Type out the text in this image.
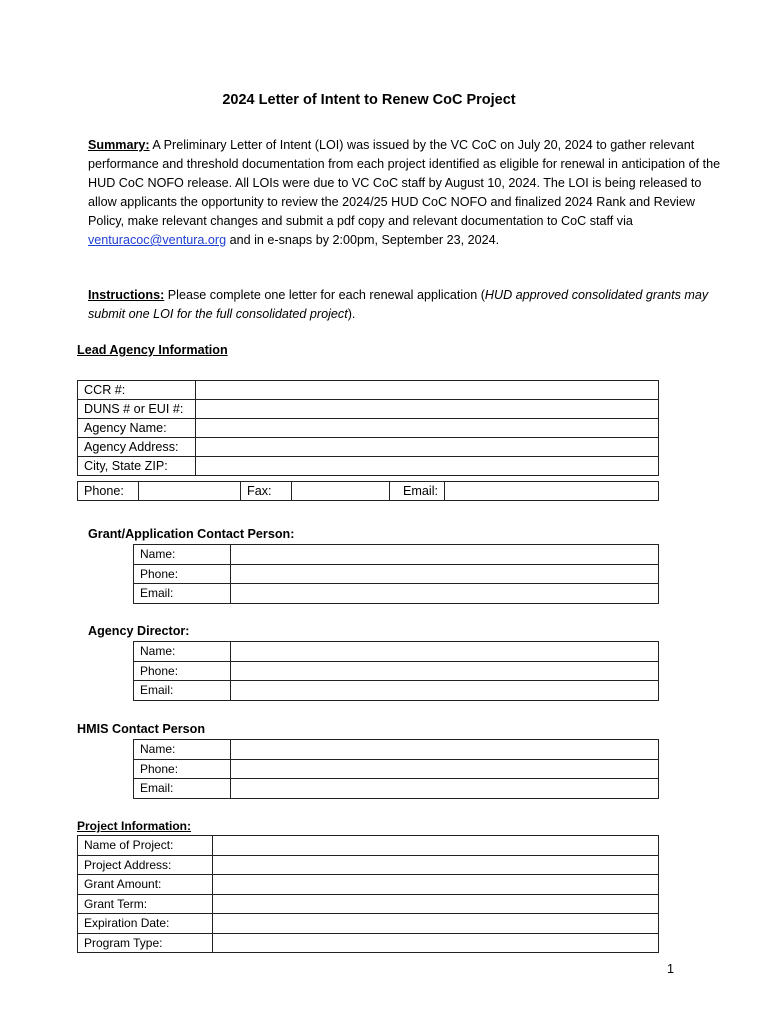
2024 Letter of Intent to Renew CoC Project
Summary: A Preliminary Letter of Intent (LOI) was issued by the VC CoC on July 20, 2024 to gather relevant performance and threshold documentation from each project identified as eligible for renewal in anticipation of the HUD CoC NOFO release. All LOIs were due to VC CoC staff by August 10, 2024. The LOI is being released to allow applicants the opportunity to review the 2024/25 HUD CoC NOFO and finalized 2024 Rank and Review Policy, make relevant changes and submit a pdf copy and relevant documentation to CoC staff via venturacoc@ventura.org and in e-snaps by 2:00pm, September 23, 2024.
Instructions: Please complete one letter for each renewal application (HUD approved consolidated grants may submit one LOI for the full consolidated project).
Lead Agency Information
CCR #:	
DUNS # or EUI #:	
Agency Name:	
Agency Address:	
City, State ZIP:	
Phone:		Fax:		Email:	
Grant/Application Contact Person:
Name:	
Phone:	
Email:	
Agency Director:
Name:	
Phone:	
Email:	
HMIS Contact Person
Name:	
Phone:	
Email:	
Project Information:
Name of Project:	
Project Address:	
Grant Amount:	
Grant Term:	
Expiration Date:	
Program Type:	
1
